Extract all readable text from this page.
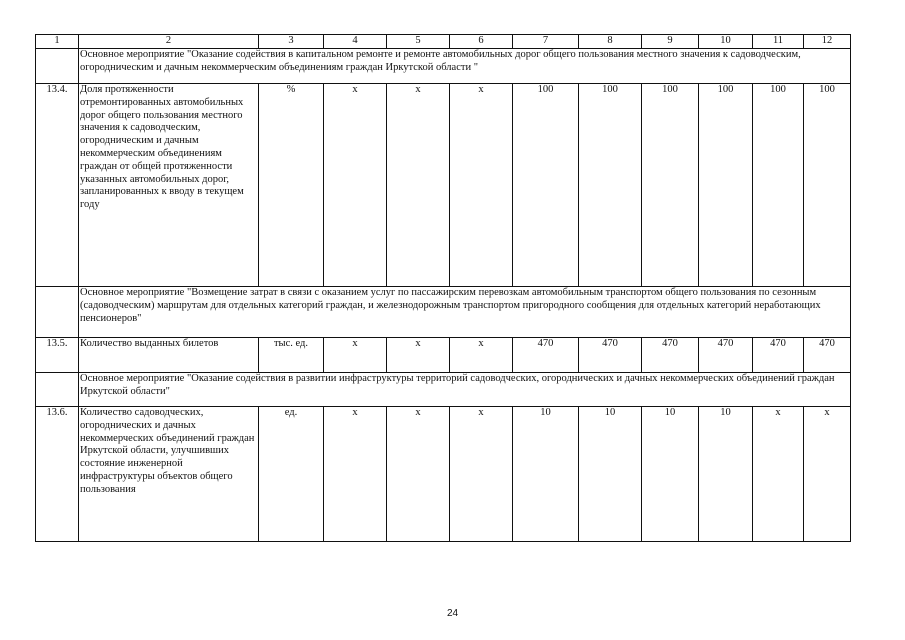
1	2	3	4	5	6	7	8	9	10	11	12
	Основное мероприятие "Оказание содействия в капитальном ремонте и ремонте автомобильных дорог общего пользования местного значения к садоводческим, огородническим и дачным некоммерческим объединениям граждан Иркутской области "										
13.4.	Доля протяженности отремонтированных автомобильных дорог общего пользования местного значения к садоводческим, огородническим и дачным некоммерческим объединениям граждан от общей протяженности указанных автомобильных дорог, запланированных к вводу в текущем году	%	x	x	x	100	100	100	100	100	100
	Основное мероприятие "Возмещение затрат в связи с оказанием услуг по пассажирским перевозкам автомобильным транспортом общего пользования по сезонным (садоводческим) маршрутам для отдельных категорий граждан, и железнодорожным транспортом пригородного сообщения для отдельных категорий неработающих пенсионеров"										
13.5.	Количество выданных билетов	тыс. ед.	x	x	x	470	470	470	470	470	470
	Основное мероприятие "Оказание содействия в развитии инфраструктуры территорий садоводческих, огороднических и дачных некоммерческих объединений граждан Иркутской области"										
13.6.	Количество садоводческих, огороднических и дачных некоммерческих объединений граждан Иркутской области, улучшивших состояние инженерной инфраструктуры объектов общего пользования	ед.	x	x	x	10	10	10	10	x	x
24
